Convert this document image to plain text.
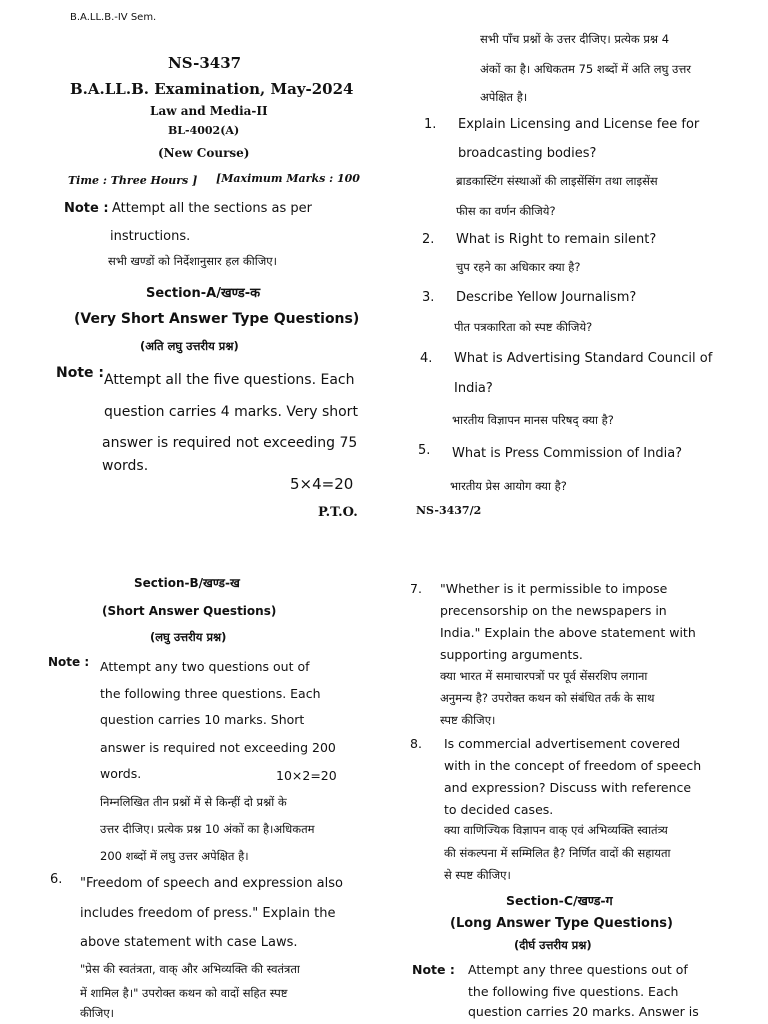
B.A.LL.B.-IV Sem.
NS-3437
B.A.LL.B. Examination, May-2024
Law and Media-II
BL-4002(A)
(New Course)
Time : Three Hours ] [Maximum Marks : 100
Note : Attempt all the sections as per
instructions.
सभी खण्डों को निर्देशानुसार हल कीजिए।
Section-A/खण्ड-क
(Very Short Answer Type Questions)
(अति लघु उत्तरीय प्रश्न)
Note : Attempt all the five questions. Each
question carries 4 marks. Very short
answer is required not exceeding 75
words.
5×4=20
P.T.O.
सभी पाँच प्रश्नों के उत्तर दीजिए। प्रत्येक प्रश्न 4
अंकों का है। अधिकतम 75 शब्दों में अति लघु उत्तर
अपेक्षित है।
1. Explain Licensing and License fee for
broadcasting bodies?
ब्राडकास्टिंग संस्थाओं की लाइसेंसिंग तथा लाइसेंस
फीस का वर्णन कीजिये?
2. What is Right to remain silent?
चुप रहने का अधिकार क्या है?
3. Describe Yellow Journalism?
पीत पत्रकारिता को स्पष्ट कीजिये?
4. What is Advertising Standard Council of
India?
भारतीय विज्ञापन मानस परिषद् क्या है?
5. What is Press Commission of India?
भारतीय प्रेस आयोग क्या है?
NS-3437/2
Section-B/खण्ड-ख
(Short Answer Questions)
(लघु उत्तरीय प्रश्न)
Note : Attempt any two questions out of
the following three questions. Each
question carries 10 marks. Short
answer is required not exceeding 200
words.	10×2=20
निम्नलिखित तीन प्रश्नों में से किन्हीं दो प्रश्नों के
उत्तर दीजिए। प्रत्येक प्रश्न 10 अंकों का है।अधिकतम
200 शब्दों में लघु उत्तर अपेक्षित है।
6. "Freedom of speech and expression also
includes freedom of press." Explain the
above statement with case Laws.
"प्रेस की स्वतंत्रता, वाक् और अभिव्यक्ति की स्वतंत्रता
में शामिल है।" उपरोक्त कथन को वादों सहित स्पष्ट
कीजिए।
7. "Whether is it permissible to impose
precensorship on the newspapers in
India." Explain the above statement with
supporting arguments.
क्या भारत में समाचारपत्रों पर पूर्व सेंसरशिप लगाना
अनुमन्य है? उपरोक्त कथन को संबंधित तर्क के साथ
स्पष्ट कीजिए।
8. Is commercial advertisement covered
with in the concept of freedom of speech
and expression? Discuss with reference
to decided cases.
क्या वाणिज्यिक विज्ञापन वाक् एवं अभिव्यक्ति स्वातंत्र्य
की संकल्पना में सम्मिलित है? निर्णित वादों की सहायता
से स्पष्ट कीजिए।
Section-C/खण्ड-ग
(Long Answer Type Questions)
(दीर्घ उत्तरीय प्रश्न)
Note : Attempt any three questions out of
the following five questions. Each
question carries 20 marks. Answer is
